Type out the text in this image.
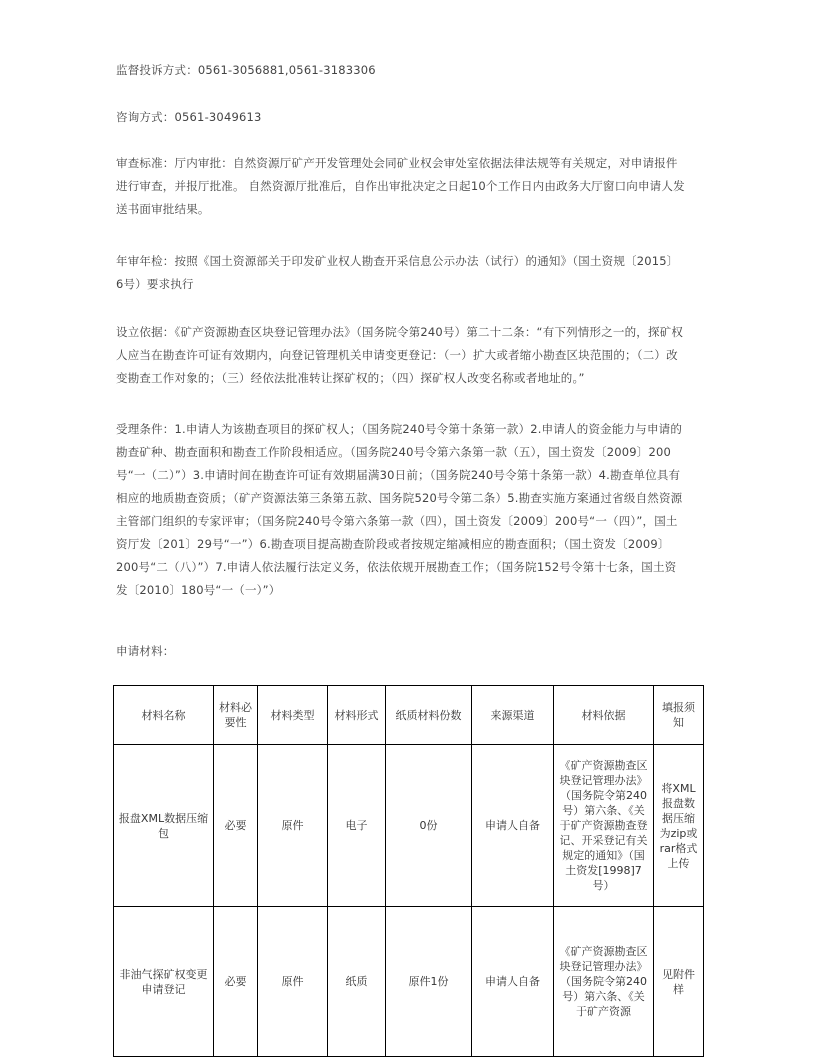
监督投诉方式：0561-3056881,0561-3183306
咨询方式：0561-3049613
审查标准：厅内审批：自然资源厅矿产开发管理处会同矿业权会审处室依据法律法规等有关规定，对申请报件进行审查，并报厅批准。 自然资源厅批准后，自作出审批决定之日起10个工作日内由政务大厅窗口向申请人发送书面审批结果。
年审年检：按照《国土资源部关于印发矿业权人勘查开采信息公示办法（试行）的通知》（国土资规〔2015〕6号）要求执行
设立依据：《矿产资源勘查区块登记管理办法》（国务院令第240号）第二十二条：“有下列情形之一的，探矿权人应当在勘查许可证有效期内，向登记管理机关申请变更登记：（一）扩大或者缩小勘查区块范围的；（二）改变勘查工作对象的；（三）经依法批准转让探矿权的；（四）探矿权人改变名称或者地址的。”
受理条件：1.申请人为该勘查项目的探矿权人；（国务院240号令第十条第一款）2.申请人的资金能力与申请的勘查矿种、勘查面积和勘查工作阶段相适应。（国务院240号令第六条第一款（五），国土资发〔2009〕200号“一（二）”）3.申请时间在勘查许可证有效期届满30日前；（国务院240号令第十条第一款）4.勘查单位具有相应的地质勘查资质；（矿产资源法第三条第五款、国务院520号令第二条）5.勘查实施方案通过省级自然资源主管部门组织的专家评审；（国务院240号令第六条第一款（四），国土资发〔2009〕200号“一（四）”，国土资厅发〔201〕29号“一”）6.勘查项目提高勘查阶段或者按规定缩减相应的勘查面积；（国土资发〔2009〕200号“二（八）”）7.申请人依法履行法定义务，依法依规开展勘查工作；（国务院152号令第十七条，国土资发〔2010〕180号“一（一）”）
申请材料：
材料名称	材料必要性	材料类型	材料形式	纸质材料份数	来源渠道	材料依据	填报须知
报盘XML数据压缩包	必要	原件	电子	0份	申请人自备	《矿产资源勘查区块登记管理办法》（国务院令第240号）第六条、《关于矿产资源勘查登记、开采登记有关规定的通知》（国土资发[1998]7号）	将XML报盘数据压缩为zip或rar格式上传
非油气探矿权变更申请登记	必要	原件	纸质	原件1份	申请人自备	《矿产资源勘查区块登记管理办法》（国务院令第240号）第六条、《关于矿产资源	见附件样
